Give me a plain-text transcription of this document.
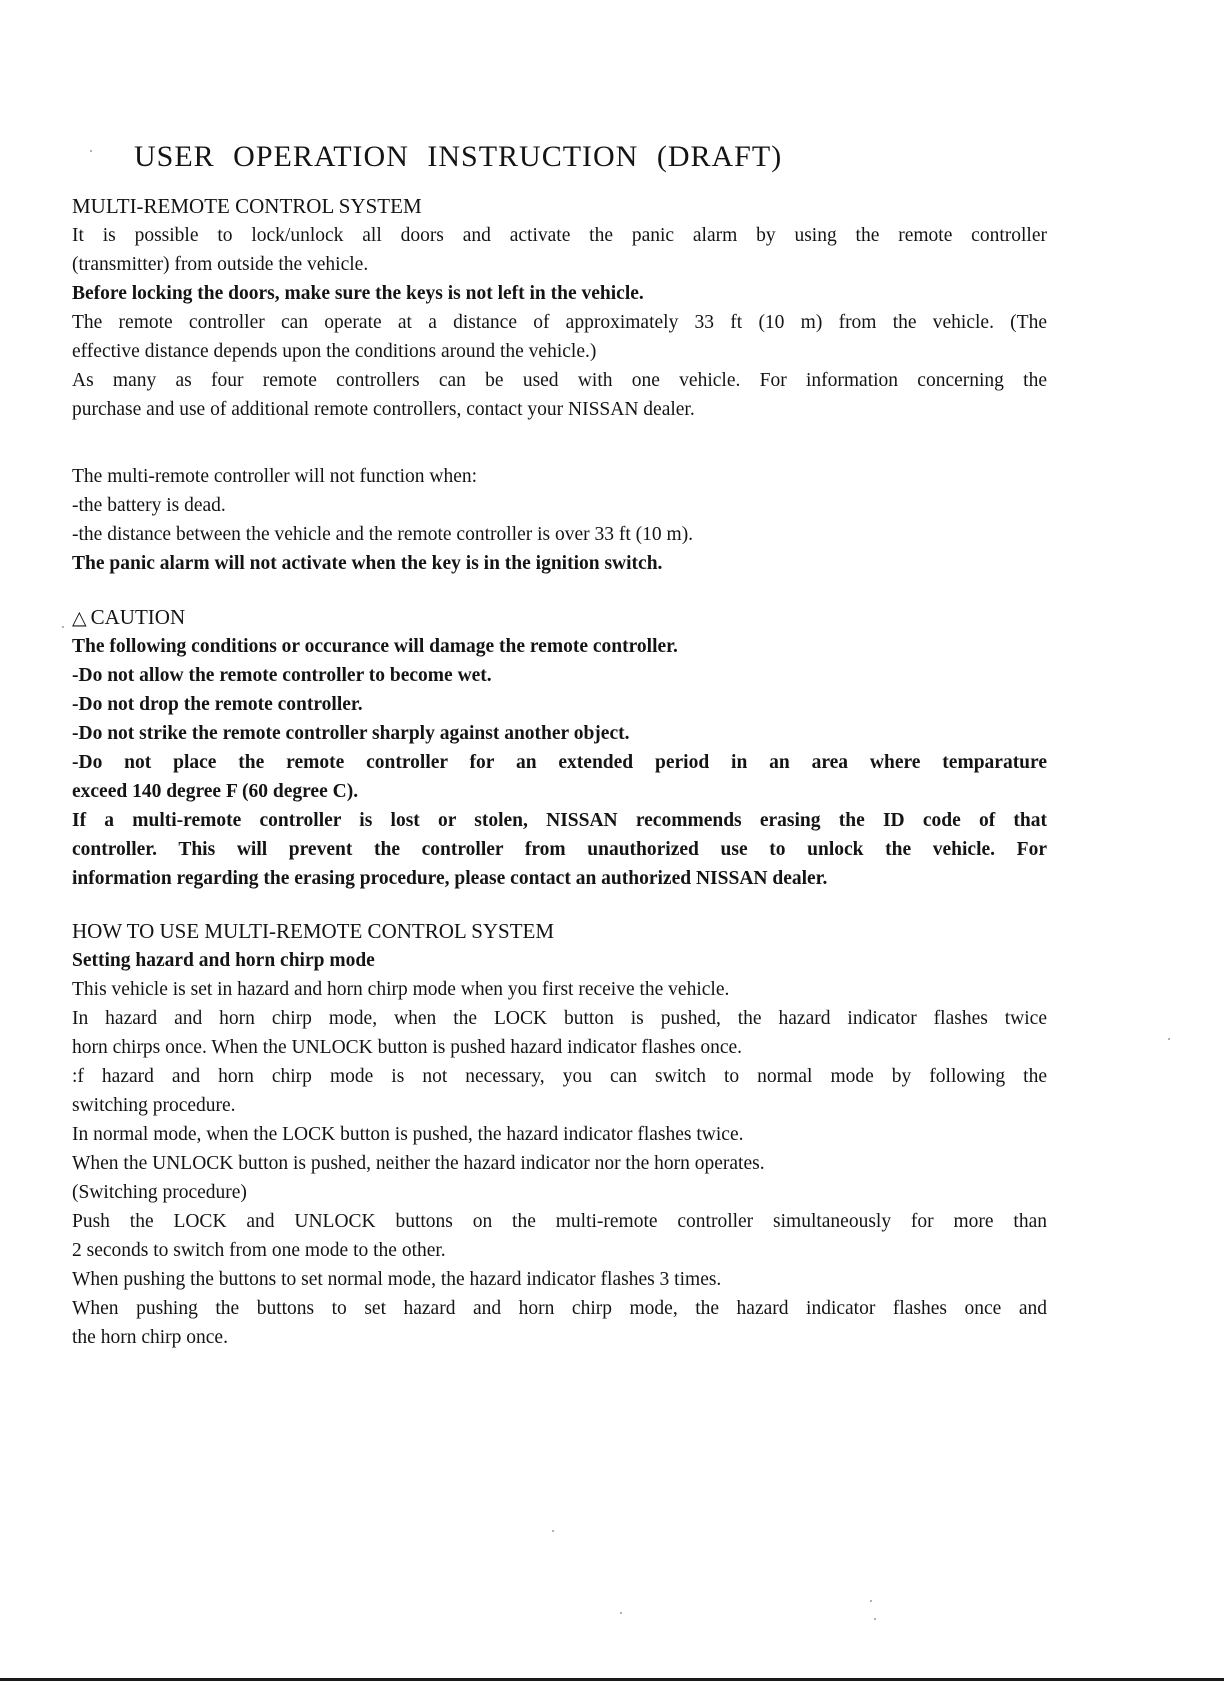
USER OPERATION INSTRUCTION (DRAFT)
MULTI-REMOTE CONTROL SYSTEM
It is possible to lock/unlock all doors and activate the panic alarm by using the remote controller
(transmitter) from outside the vehicle.
Before locking the doors, make sure the keys is not left in the vehicle.
The remote controller can operate at a distance of approximately 33 ft (10 m) from the vehicle. (The
effective distance depends upon the conditions around the vehicle.)
As many as four remote controllers can be used with one vehicle. For information concerning the
purchase and use of additional remote controllers, contact your NISSAN dealer.
The multi-remote controller will not function when:
-the battery is dead.
-the distance between the vehicle and the remote controller is over 33 ft (10 m).
The panic alarm will not activate when the key is in the ignition switch.
△ CAUTION
The following conditions or occurance will damage the remote controller.
-Do not allow the remote controller to become wet.
-Do not drop the remote controller.
-Do not strike the remote controller sharply against another object.
-Do not place the remote controller for an extended period in an area where temparature
exceed 140 degree F (60 degree C).
If a multi-remote controller is lost or stolen, NISSAN recommends erasing the ID code of that
controller. This will prevent the controller from unauthorized use to unlock the vehicle. For
information regarding the erasing procedure, please contact an authorized NISSAN dealer.
HOW TO USE MULTI-REMOTE CONTROL SYSTEM
Setting hazard and horn chirp mode
This vehicle is set in hazard and horn chirp mode when you first receive the vehicle.
In hazard and horn chirp mode, when the LOCK button is pushed, the hazard indicator flashes twice
horn chirps once. When the UNLOCK button is pushed hazard indicator flashes once.
:f hazard and horn chirp mode is not necessary, you can switch to normal mode by following the
switching procedure.
In normal mode, when the LOCK button is pushed, the hazard indicator flashes twice.
When the UNLOCK button is pushed, neither the hazard indicator nor the horn operates.
(Switching procedure)
Push the LOCK and UNLOCK buttons on the multi-remote controller simultaneously for more than
2 seconds to switch from one mode to the other.
When pushing the buttons to set normal mode, the hazard indicator flashes 3 times.
When pushing the buttons to set hazard and horn chirp mode, the hazard indicator flashes once and
the horn chirp once.
